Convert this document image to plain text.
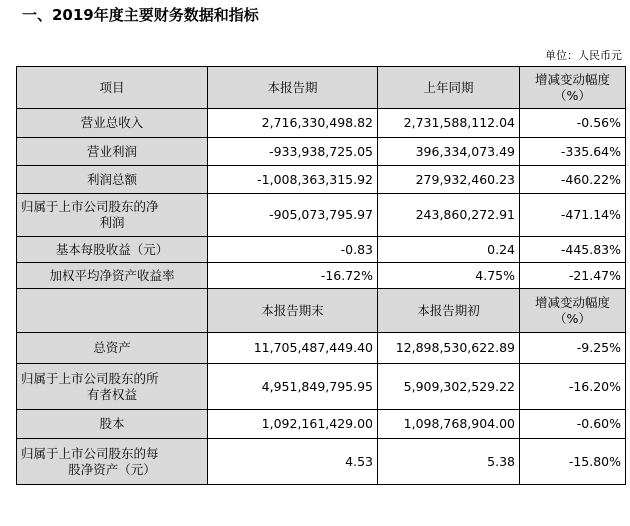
一、2019年度主要财务数据和指标
单位：人民币元
项目	本报告期	上年同期	增减变动幅度
（%）

营业总收入	2,716,330,498.82	2,731,588,112.04	-0.56%
营业利润	-933,938,725.05	396,334,073.49	-335.64%
利润总额	-1,008,363,315.92	279,932,460.23	-460.22%

归属于上市公司股东的净
利润	-905,073,795.97	243,860,272.91	-471.14%
基本每股收益（元）	-0.83	0.24	-445.83%
加权平均净资产收益率	-16.72%	4.75%	-21.47%
	本报告期末	本报告期初	增减变动幅度
（%）

总资产	11,705,487,449.40	12,898,530,622.89	-9.25%

归属于上市公司股东的所
有者权益	4,951,849,795.95	5,909,302,529.22	-16.20%
股本	1,092,161,429.00	1,098,768,904.00	-0.60%

归属于上市公司股东的每
股净资产（元）	4.53	5.38	-15.80%
